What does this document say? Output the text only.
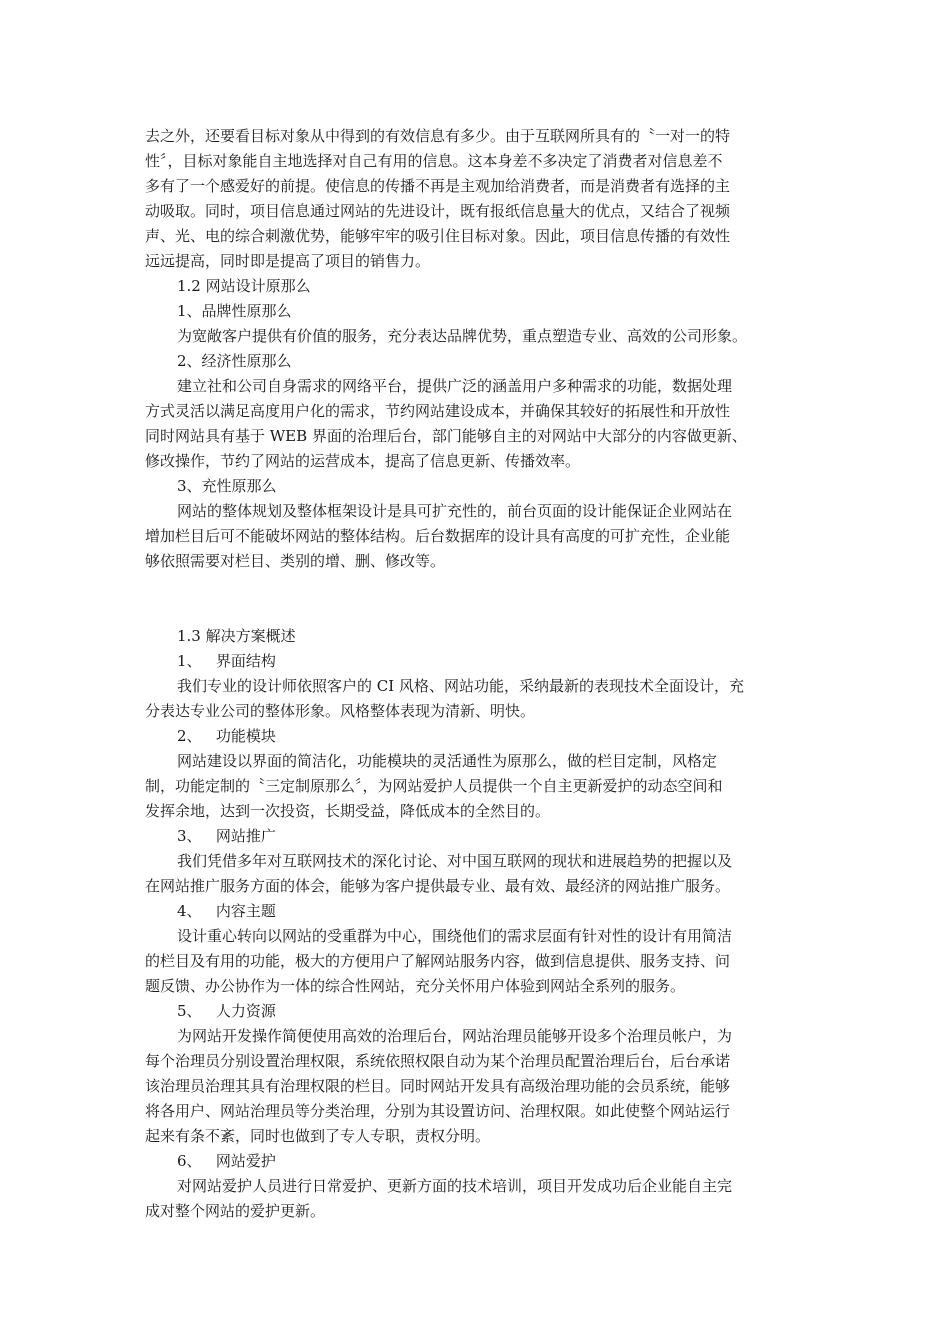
去之外，还要看目标对象从中得到的有效信息有多少。由于互联网所具有的〝一对一的特
性〞，目标对象能自主地选择对自己有用的信息。这本身差不多决定了消费者对信息差不
多有了一个感爱好的前提。使信息的传播不再是主观加给消费者，而是消费者有选择的主
动吸取。同时，项目信息通过网站的先进设计，既有报纸信息量大的优点，又结合了视频
声、光、电的综合刺激优势，能够牢牢的吸引住目标对象。因此，项目信息传播的有效性
远远提高，同时即是提高了项目的销售力。
1.2 网站设计原那么
1、品牌性原那么
为宽敞客户提供有价值的服务，充分表达品牌优势，重点塑造专业、高效的公司形象。
2、经济性原那么
建立社和公司自身需求的网络平台，提供广泛的涵盖用户多种需求的功能，数据处理
方式灵活以满足高度用户化的需求，节约网站建设成本，并确保其较好的拓展性和开放性
同时网站具有基于 WEB 界面的治理后台，部门能够自主的对网站中大部分的内容做更新、
修改操作，节约了网站的运营成本，提高了信息更新、传播效率。
3、充性原那么
网站的整体规划及整体框架设计是具可扩充性的，前台页面的设计能保证企业网站在
增加栏目后可不能破坏网站的整体结构。后台数据库的设计具有高度的可扩充性，企业能
够依照需要对栏目、类别的增、删、修改等。
1.3 解决方案概述
1、   界面结构
我们专业的设计师依照客户的 CI 风格、网站功能，采纳最新的表现技术全面设计，充
分表达专业公司的整体形象。风格整体表现为清新、明快。
2、   功能模块
网站建设以界面的简洁化，功能模块的灵活通性为原那么，做的栏目定制，风格定
制，功能定制的〝三定制原那么〞，为网站爱护人员提供一个自主更新爱护的动态空间和
发挥余地，达到一次投资，长期受益，降低成本的全然目的。
3、   网站推广
我们凭借多年对互联网技术的深化讨论、对中国互联网的现状和进展趋势的把握以及
在网站推广服务方面的体会，能够为客户提供最专业、最有效、最经济的网站推广服务。
4、   内容主题
设计重心转向以网站的受重群为中心，围绕他们的需求层面有针对性的设计有用简洁
的栏目及有用的功能，极大的方便用户了解网站服务内容，做到信息提供、服务支持、问
题反馈、办公协作为一体的综合性网站，充分关怀用户体验到网站全系列的服务。
5、   人力资源
为网站开发操作简便使用高效的治理后台，网站治理员能够开设多个治理员帐户，为
每个治理员分别设置治理权限，系统依照权限自动为某个治理员配置治理后台，后台承诺
该治理员治理其具有治理权限的栏目。同时网站开发具有高级治理功能的会员系统，能够
将各用户、网站治理员等分类治理，分别为其设置访问、治理权限。如此使整个网站运行
起来有条不紊，同时也做到了专人专职，责权分明。
6、   网站爱护
对网站爱护人员进行日常爱护、更新方面的技术培训，项目开发成功后企业能自主完
成对整个网站的爱护更新。
